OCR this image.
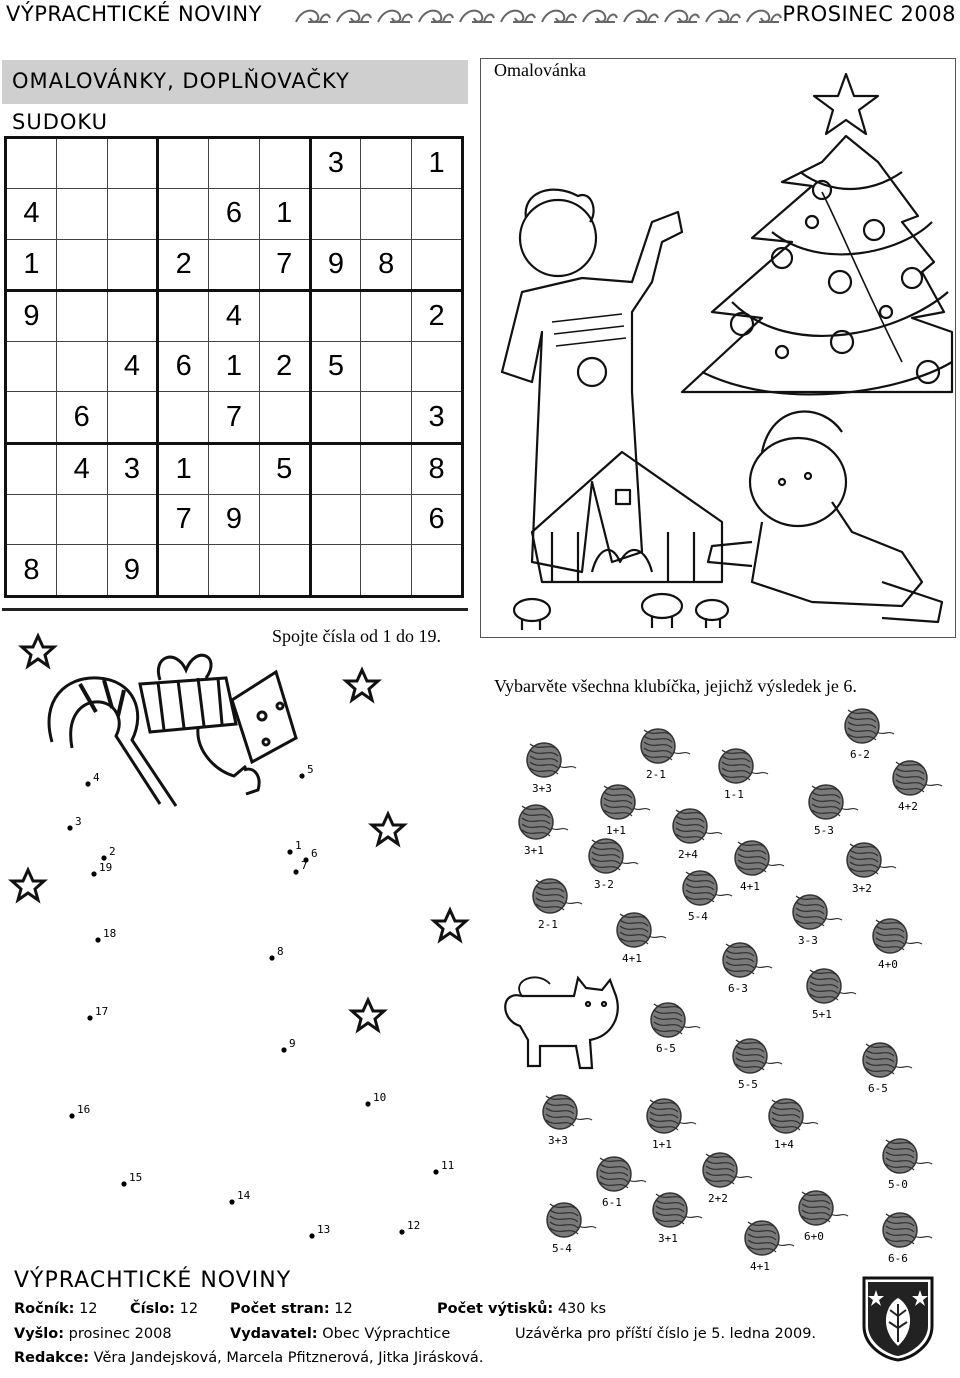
VÝPRACHTICKÉ NOVINY	PROSINEC 2008
OMALOVÁNKY, DOPLŇOVAČKY
SUDOKU
						3		1
4				6	1			
1			2		7	9	8	
9				4				2
		4	6	1	2	5		
	6			7				3
	4	3	1		5			8
			7	9				6
8		9						
1
2
3
4
5
6
7
8
9
10
11
12
13
14
15
16
17
18
19
Spojte čísla od 1 do 19.
Omalovánka
Vybarvěte všechna klubíčka, jejichž výsledek je 6.
6-2
2-1
3+3	1-1
4+2
1+1	5-3
3+1	2+4
3-2	4+1	3+2
5-4
2-1
3-3
4+1	4+0
6-3
5+1
6-5
5-5	6-5
3+3	1+1	1+4
6-1	2+2
5-0
5-4
3+1	6+0
4+1
6-6
VÝPRACHTICKÉ NOVINY
Ročník: 12 Číslo: 12 Počet stran: 12	Počet výtisků: 430 ks
Vyšlo: prosinec 2008	Vydavatel: Obec Výprachtice	Uzávěrka pro příští číslo je 5. ledna 2009.
Redakce: Věra Jandejsková, Marcela Pfitznerová, Jitka Jirásková.
